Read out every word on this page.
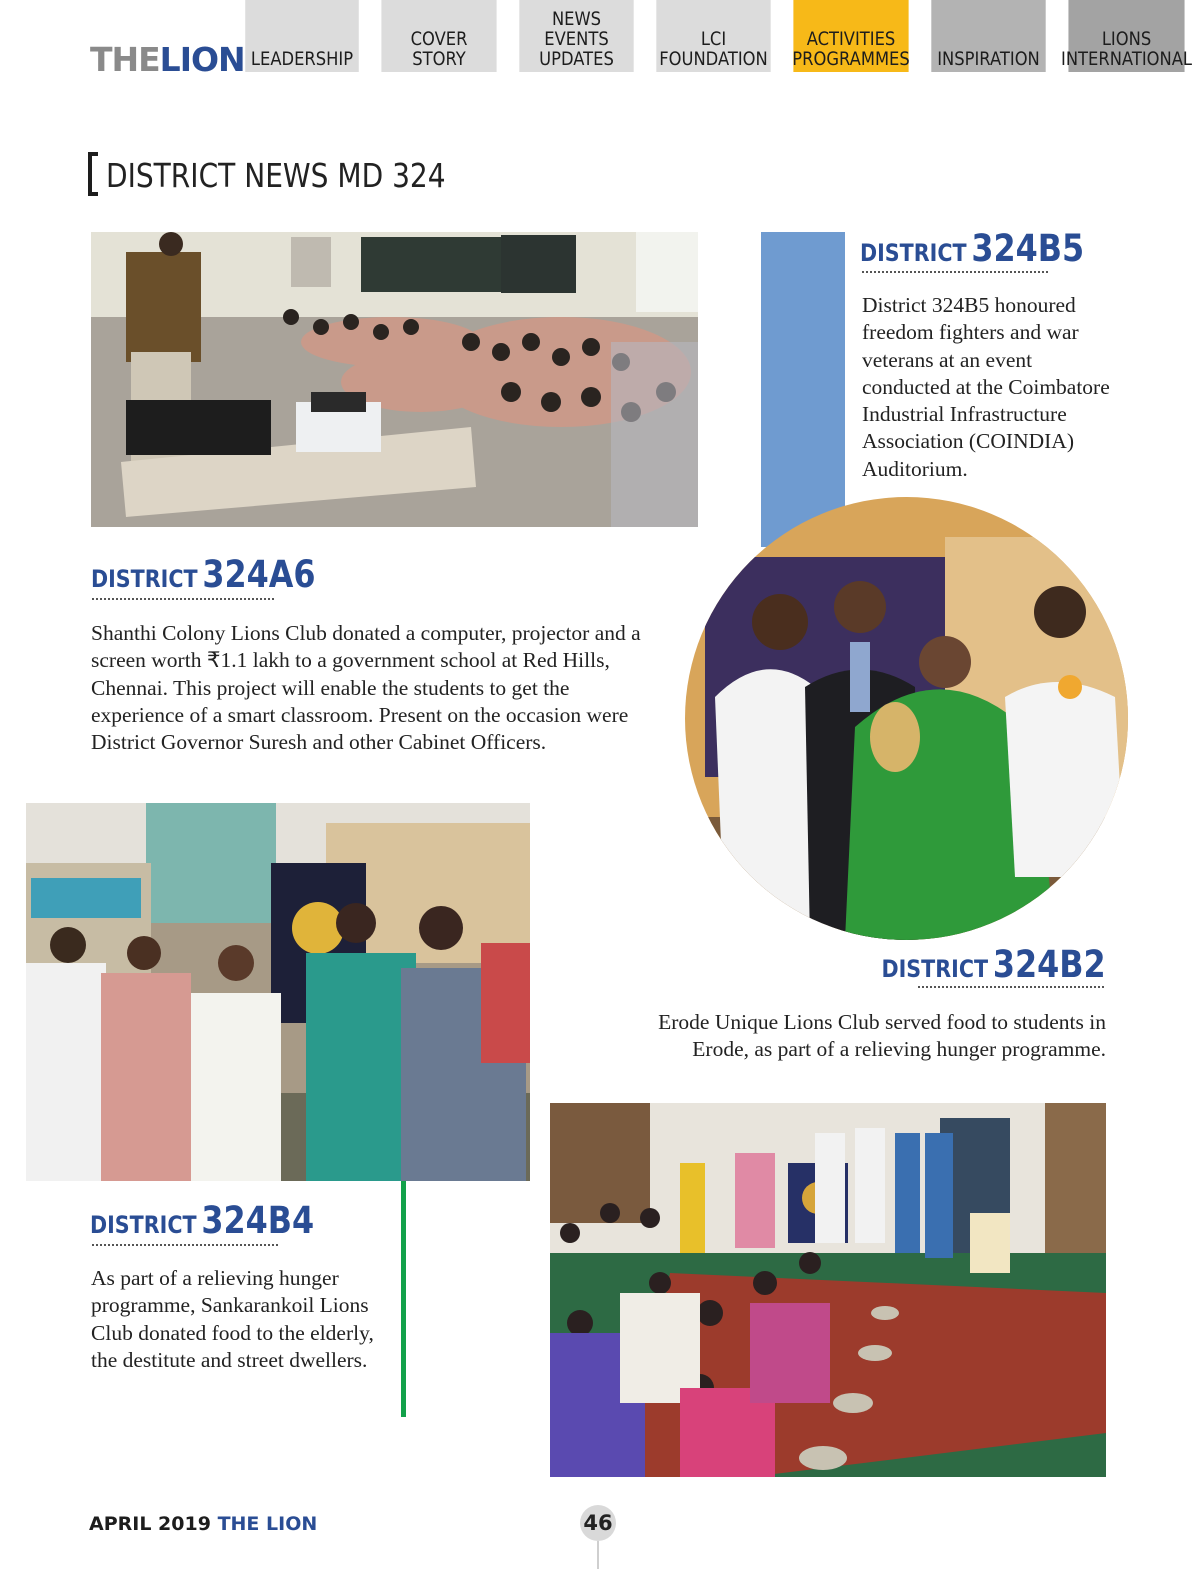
THELION LEADERSHIP
COVER STORY
NEWS
EVENTS
UPDATES
LCI
FOUNDATION
ACTIVITIES
PROGRAMMES INSPIRATION
LIONS
INTERNATIONAL
DISTRICT NEWS MD 324
DISTRICT 324A6
Shanthi Colony Lions Club donated a computer, projector and a screen worth ₹1.1 lakh to a government school at Red Hills, Chennai. This project will enable the students to get the experience of a smart classroom. Present on the occasion were District Governor Suresh and other Cabinet Officers.
DISTRICT 324B5
District 324B5 honoured freedom fighters and war veterans at an event conducted at the Coimbatore Industrial Infrastructure Association (COINDIA) Auditorium.
DISTRICT 324B2
Erode Unique Lions Club served food to students in Erode, as part of a relieving hunger programme.
DISTRICT 324B4
As part of a relieving hunger programme, Sankarankoil Lions Club donated food to the elderly, the destitute and street dwellers.
APRIL 2019 THE LION	46
